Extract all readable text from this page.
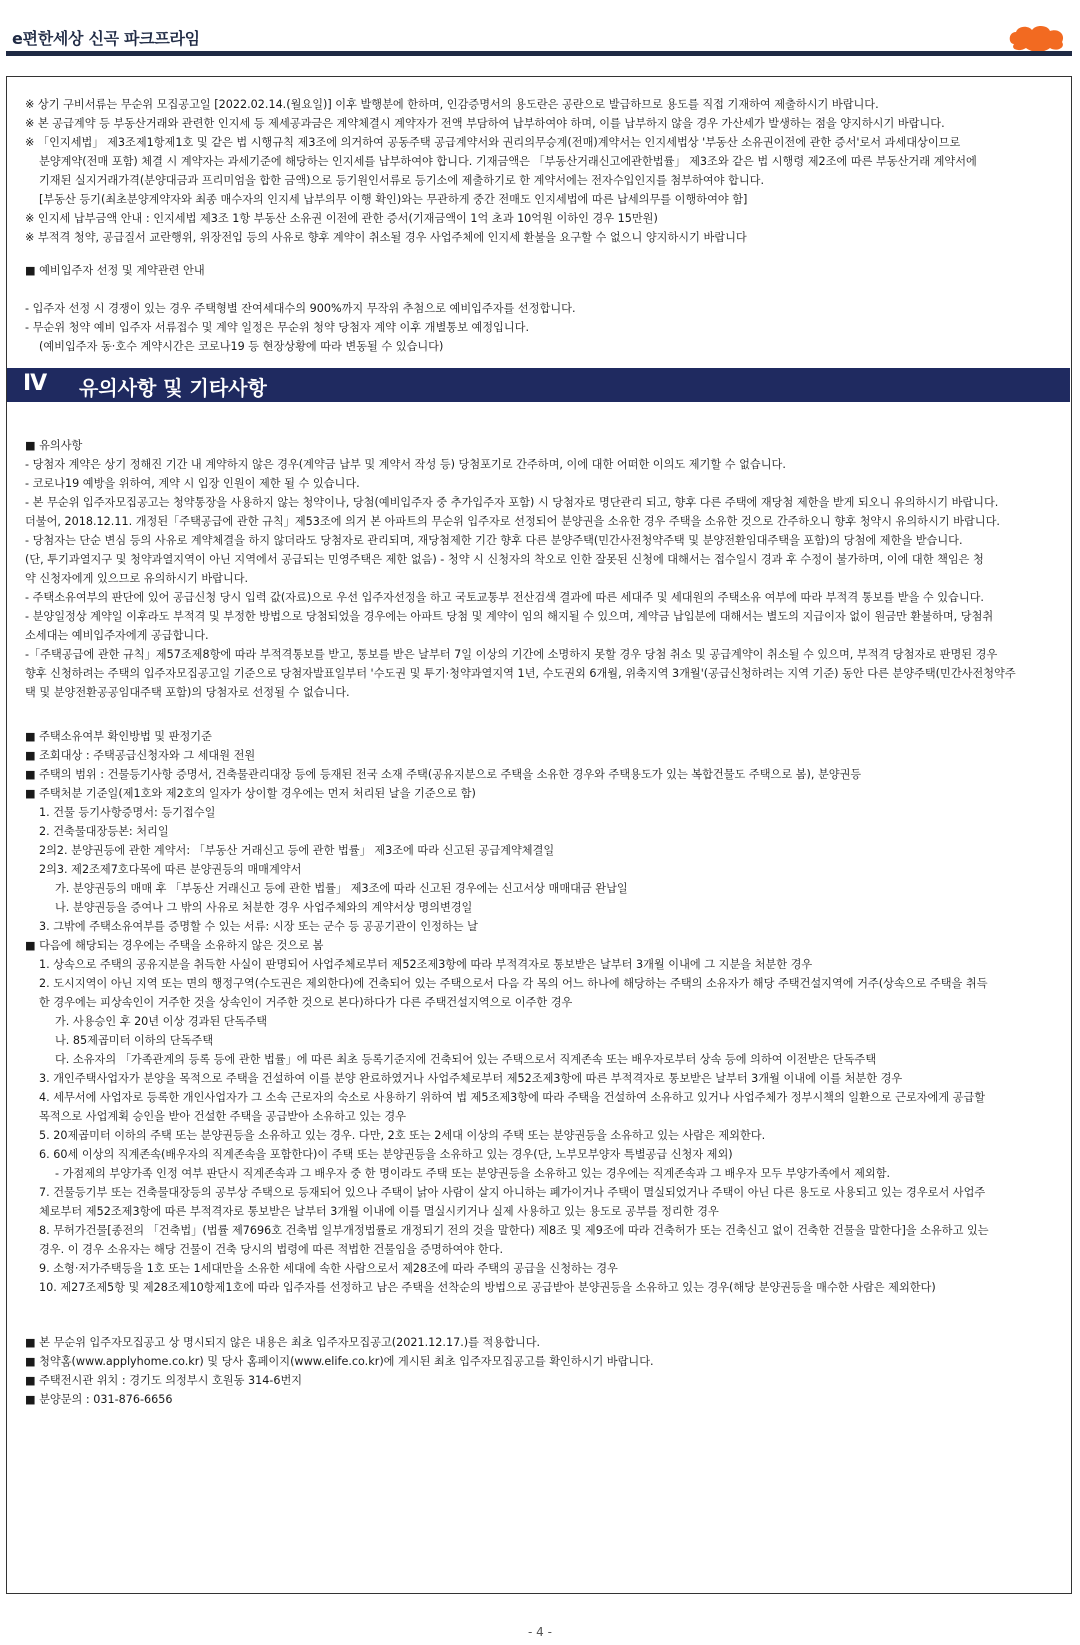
e편한세상 신곡 파크프라임

※ 상기 구비서류는 무순위 모집공고일 [2022.02.14.(월요일)] 이후 발행분에 한하며, 인감증명서의 용도란은 공란으로 발급하므로 용도를 직접 기재하여 제출하시기 바랍니다.

※ 본 공급계약 등 부동산거래와 관련한 인지세 등 제세공과금은 계약체결시 계약자가 전액 부담하여 납부하여야 하며, 이를 납부하지 않을 경우 가산세가 발생하는 점을 양지하시기 바랍니다.

※ 「인지세법」 제3조제1항제1호 및 같은 법 시행규칙 제3조에 의거하여 공동주택 공급계약서와 권리의무승계(전매)계약서는 인지세법상 '부동산 소유권이전에 관한 증서'로서 과세대상이므로

분양계약(전매 포함) 체결 시 계약자는 과세기준에 해당하는 인지세를 납부하여야 합니다. 기재금액은 「부동산거래신고에관한법률」 제3조와 같은 법 시행령 제2조에 따른 부동산거래 계약서에

기재된 실지거래가격(분양대금과 프리미엄을 합한 금액)으로 등기원인서류로 등기소에 제출하기로 한 계약서에는 전자수입인지를 첨부하여야 합니다.

[부동산 등기(최초분양계약자와 최종 매수자의 인지세 납부의무 이행 확인)와는 무관하게 중간 전매도 인지세법에 따른 납세의무를 이행하여야 함]

※ 인지세 납부금액 안내 : 인지세법 제3조 1항 부동산 소유권 이전에 관한 증서(기재금액이 1억 초과 10억원 이하인 경우 15만원)

※ 부적격 청약, 공급질서 교란행위, 위장전입 등의 사유로 향후 계약이 취소될 경우 사업주체에 인지세 환불을 요구할 수 없으니 양지하시기 바랍니다

■ 예비입주자 선정 및 계약관련 안내

- 입주자 선정 시 경쟁이 있는 경우 주택형별 잔여세대수의 900%까지 무작위 추첨으로 예비입주자를 선정합니다.

- 무순위 청약 예비 입주자 서류접수 및 계약 일정은 무순위 청약 당첨자 계약 이후 개별통보 예정입니다.

(예비입주자 동·호수 계약시간은 코로나19 등 현장상황에 따라 변동될 수 있습니다)

Ⅳ 유의사항 및 기타사항

■ 유의사항

- 당첨자 계약은 상기 정해진 기간 내 계약하지 않은 경우(계약금 납부 및 계약서 작성 등) 당첨포기로 간주하며, 이에 대한 어떠한 이의도 제기할 수 없습니다.

- 코로나19 예방을 위하여, 계약 시 입장 인원이 제한 될 수 있습니다.

- 본 무순위 입주자모집공고는 청약통장을 사용하지 않는 청약이나, 당첨(예비입주자 중 추가입주자 포함) 시 당첨자로 명단관리 되고, 향후 다른 주택에 재당첨 제한을 받게 되오니 유의하시기 바랍니다.

더불어, 2018.12.11. 개정된「주택공급에 관한 규칙」제53조에 의거 본 아파트의 무순위 입주자로 선정되어 분양권을 소유한 경우 주택을 소유한 것으로 간주하오니 향후 청약시 유의하시기 바랍니다.

- 당첨자는 단순 변심 등의 사유로 계약체결을 하지 않더라도 당첨자로 관리되며, 재당첨제한 기간 향후 다른 분양주택(민간사전청약주택 및 분양전환임대주택을 포함)의 당첨에 제한을 받습니다.

(단, 투기과열지구 및 청약과열지역이 아닌 지역에서 공급되는 민영주택은 제한 없음) - 청약 시 신청자의 착오로 인한 잘못된 신청에 대해서는 접수일시 경과 후 수정이 불가하며, 이에 대한 책임은 청

약 신청자에게 있으므로 유의하시기 바랍니다.

- 주택소유여부의 판단에 있어 공급신청 당시 입력 값(자료)으로 우선 입주자선정을 하고 국토교통부 전산검색 결과에 따른 세대주 및 세대원의 주택소유 여부에 따라 부적격 통보를 받을 수 있습니다.

- 분양일정상 계약일 이후라도 부적격 및 부정한 방법으로 당첨되었을 경우에는 아파트 당첨 및 계약이 임의 해지될 수 있으며, 계약금 납입분에 대해서는 별도의 지급이자 없이 원금만 환불하며, 당첨취

소세대는 예비입주자에게 공급합니다.

-「주택공급에 관한 규칙」제57조제8항에 따라 부적격통보를 받고, 통보를 받은 날부터 7일 이상의 기간에 소명하지 못할 경우 당첨 취소 및 공급계약이 취소될 수 있으며, 부적격 당첨자로 판명된 경우

향후 신청하려는 주택의 입주자모집공고일 기준으로 당첨자발표일부터 '수도권 및 투기·청약과열지역 1년, 수도권외 6개월, 위축지역 3개월'(공급신청하려는 지역 기준) 동안 다른 분양주택(민간사전청약주

택 및 분양전환공공임대주택 포함)의 당첨자로 선정될 수 없습니다.

■ 주택소유여부 확인방법 및 판정기준

■ 조회대상 : 주택공급신청자와 그 세대원 전원

■ 주택의 범위 : 건물등기사항 증명서, 건축물관리대장 등에 등재된 전국 소재 주택(공유지분으로 주택을 소유한 경우와 주택용도가 있는 복합건물도 주택으로 봄), 분양권등

■ 주택처분 기준일(제1호와 제2호의 일자가 상이할 경우에는 먼저 처리된 날을 기준으로 함)

1. 건물 등기사항증명서: 등기접수일

2. 건축물대장등본: 처리일

2의2. 분양권등에 관한 계약서: 「부동산 거래신고 등에 관한 법률」 제3조에 따라 신고된 공급계약체결일

2의3. 제2조제7호다목에 따른 분양권등의 매매계약서

가. 분양권등의 매매 후 「부동산 거래신고 등에 관한 법률」 제3조에 따라 신고된 경우에는 신고서상 매매대금 완납일

나. 분양권등을 증여나 그 밖의 사유로 처분한 경우 사업주체와의 계약서상 명의변경일

3. 그밖에 주택소유여부를 증명할 수 있는 서류: 시장 또는 군수 등 공공기관이 인정하는 날

■ 다음에 해당되는 경우에는 주택을 소유하지 않은 것으로 봄

1. 상속으로 주택의 공유지분을 취득한 사실이 판명되어 사업주체로부터 제52조제3항에 따라 부적격자로 통보받은 날부터 3개월 이내에 그 지분을 처분한 경우

2. 도시지역이 아닌 지역 또는 면의 행정구역(수도권은 제외한다)에 건축되어 있는 주택으로서 다음 각 목의 어느 하나에 해당하는 주택의 소유자가 해당 주택건설지역에 거주(상속으로 주택을 취득

한 경우에는 피상속인이 거주한 것을 상속인이 거주한 것으로 본다)하다가 다른 주택건설지역으로 이주한 경우

가. 사용승인 후 20년 이상 경과된 단독주택

나. 85제곱미터 이하의 단독주택

다. 소유자의 「가족관계의 등록 등에 관한 법률」에 따른 최초 등록기준지에 건축되어 있는 주택으로서 직계존속 또는 배우자로부터 상속 등에 의하여 이전받은 단독주택

3. 개인주택사업자가 분양을 목적으로 주택을 건설하여 이를 분양 완료하였거나 사업주체로부터 제52조제3항에 따른 부적격자로 통보받은 날부터 3개월 이내에 이를 처분한 경우

4. 세무서에 사업자로 등록한 개인사업자가 그 소속 근로자의 숙소로 사용하기 위하여 법 제5조제3항에 따라 주택을 건설하여 소유하고 있거나 사업주체가 정부시책의 일환으로 근로자에게 공급할

목적으로 사업계획 승인을 받아 건설한 주택을 공급받아 소유하고 있는 경우

5. 20제곱미터 이하의 주택 또는 분양권등을 소유하고 있는 경우. 다만, 2호 또는 2세대 이상의 주택 또는 분양권등을 소유하고 있는 사람은 제외한다.

6. 60세 이상의 직계존속(배우자의 직계존속을 포함한다)이 주택 또는 분양권등을 소유하고 있는 경우(단, 노부모부양자 특별공급 신청자 제외)

- 가점제의 부양가족 인정 여부 판단시 직계존속과 그 배우자 중 한 명이라도 주택 또는 분양권등을 소유하고 있는 경우에는 직계존속과 그 배우자 모두 부양가족에서 제외함.

7. 건물등기부 또는 건축물대장등의 공부상 주택으로 등재되어 있으나 주택이 낡아 사람이 살지 아니하는 폐가이거나 주택이 멸실되었거나 주택이 아닌 다른 용도로 사용되고 있는 경우로서 사업주

체로부터 제52조제3항에 따른 부적격자로 통보받은 날부터 3개월 이내에 이를 멸실시키거나 실제 사용하고 있는 용도로 공부를 정리한 경우

8. 무허가건물[종전의 「건축법」(법률 제7696호 건축법 일부개정법률로 개정되기 전의 것을 말한다) 제8조 및 제9조에 따라 건축허가 또는 건축신고 없이 건축한 건물을 말한다]을 소유하고 있는

경우. 이 경우 소유자는 해당 건물이 건축 당시의 법령에 따른 적법한 건물임을 증명하여야 한다.

9. 소형·저가주택등을 1호 또는 1세대만을 소유한 세대에 속한 사람으로서 제28조에 따라 주택의 공급을 신청하는 경우

10. 제27조제5항 및 제28조제10항제1호에 따라 입주자를 선정하고 남은 주택을 선착순의 방법으로 공급받아 분양권등을 소유하고 있는 경우(해당 분양권등을 매수한 사람은 제외한다)

■ 본 무순위 입주자모집공고 상 명시되지 않은 내용은 최초 입주자모집공고(2021.12.17.)를 적용합니다.

■ 청약홈(www.applyhome.co.kr) 및 당사 홈페이지(www.elife.co.kr)에 게시된 최초 입주자모집공고를 확인하시기 바랍니다.

■ 주택전시관 위치 : 경기도 의정부시 호원동 314-6번지

■ 분양문의 : 031-876-6656

- 4 -
